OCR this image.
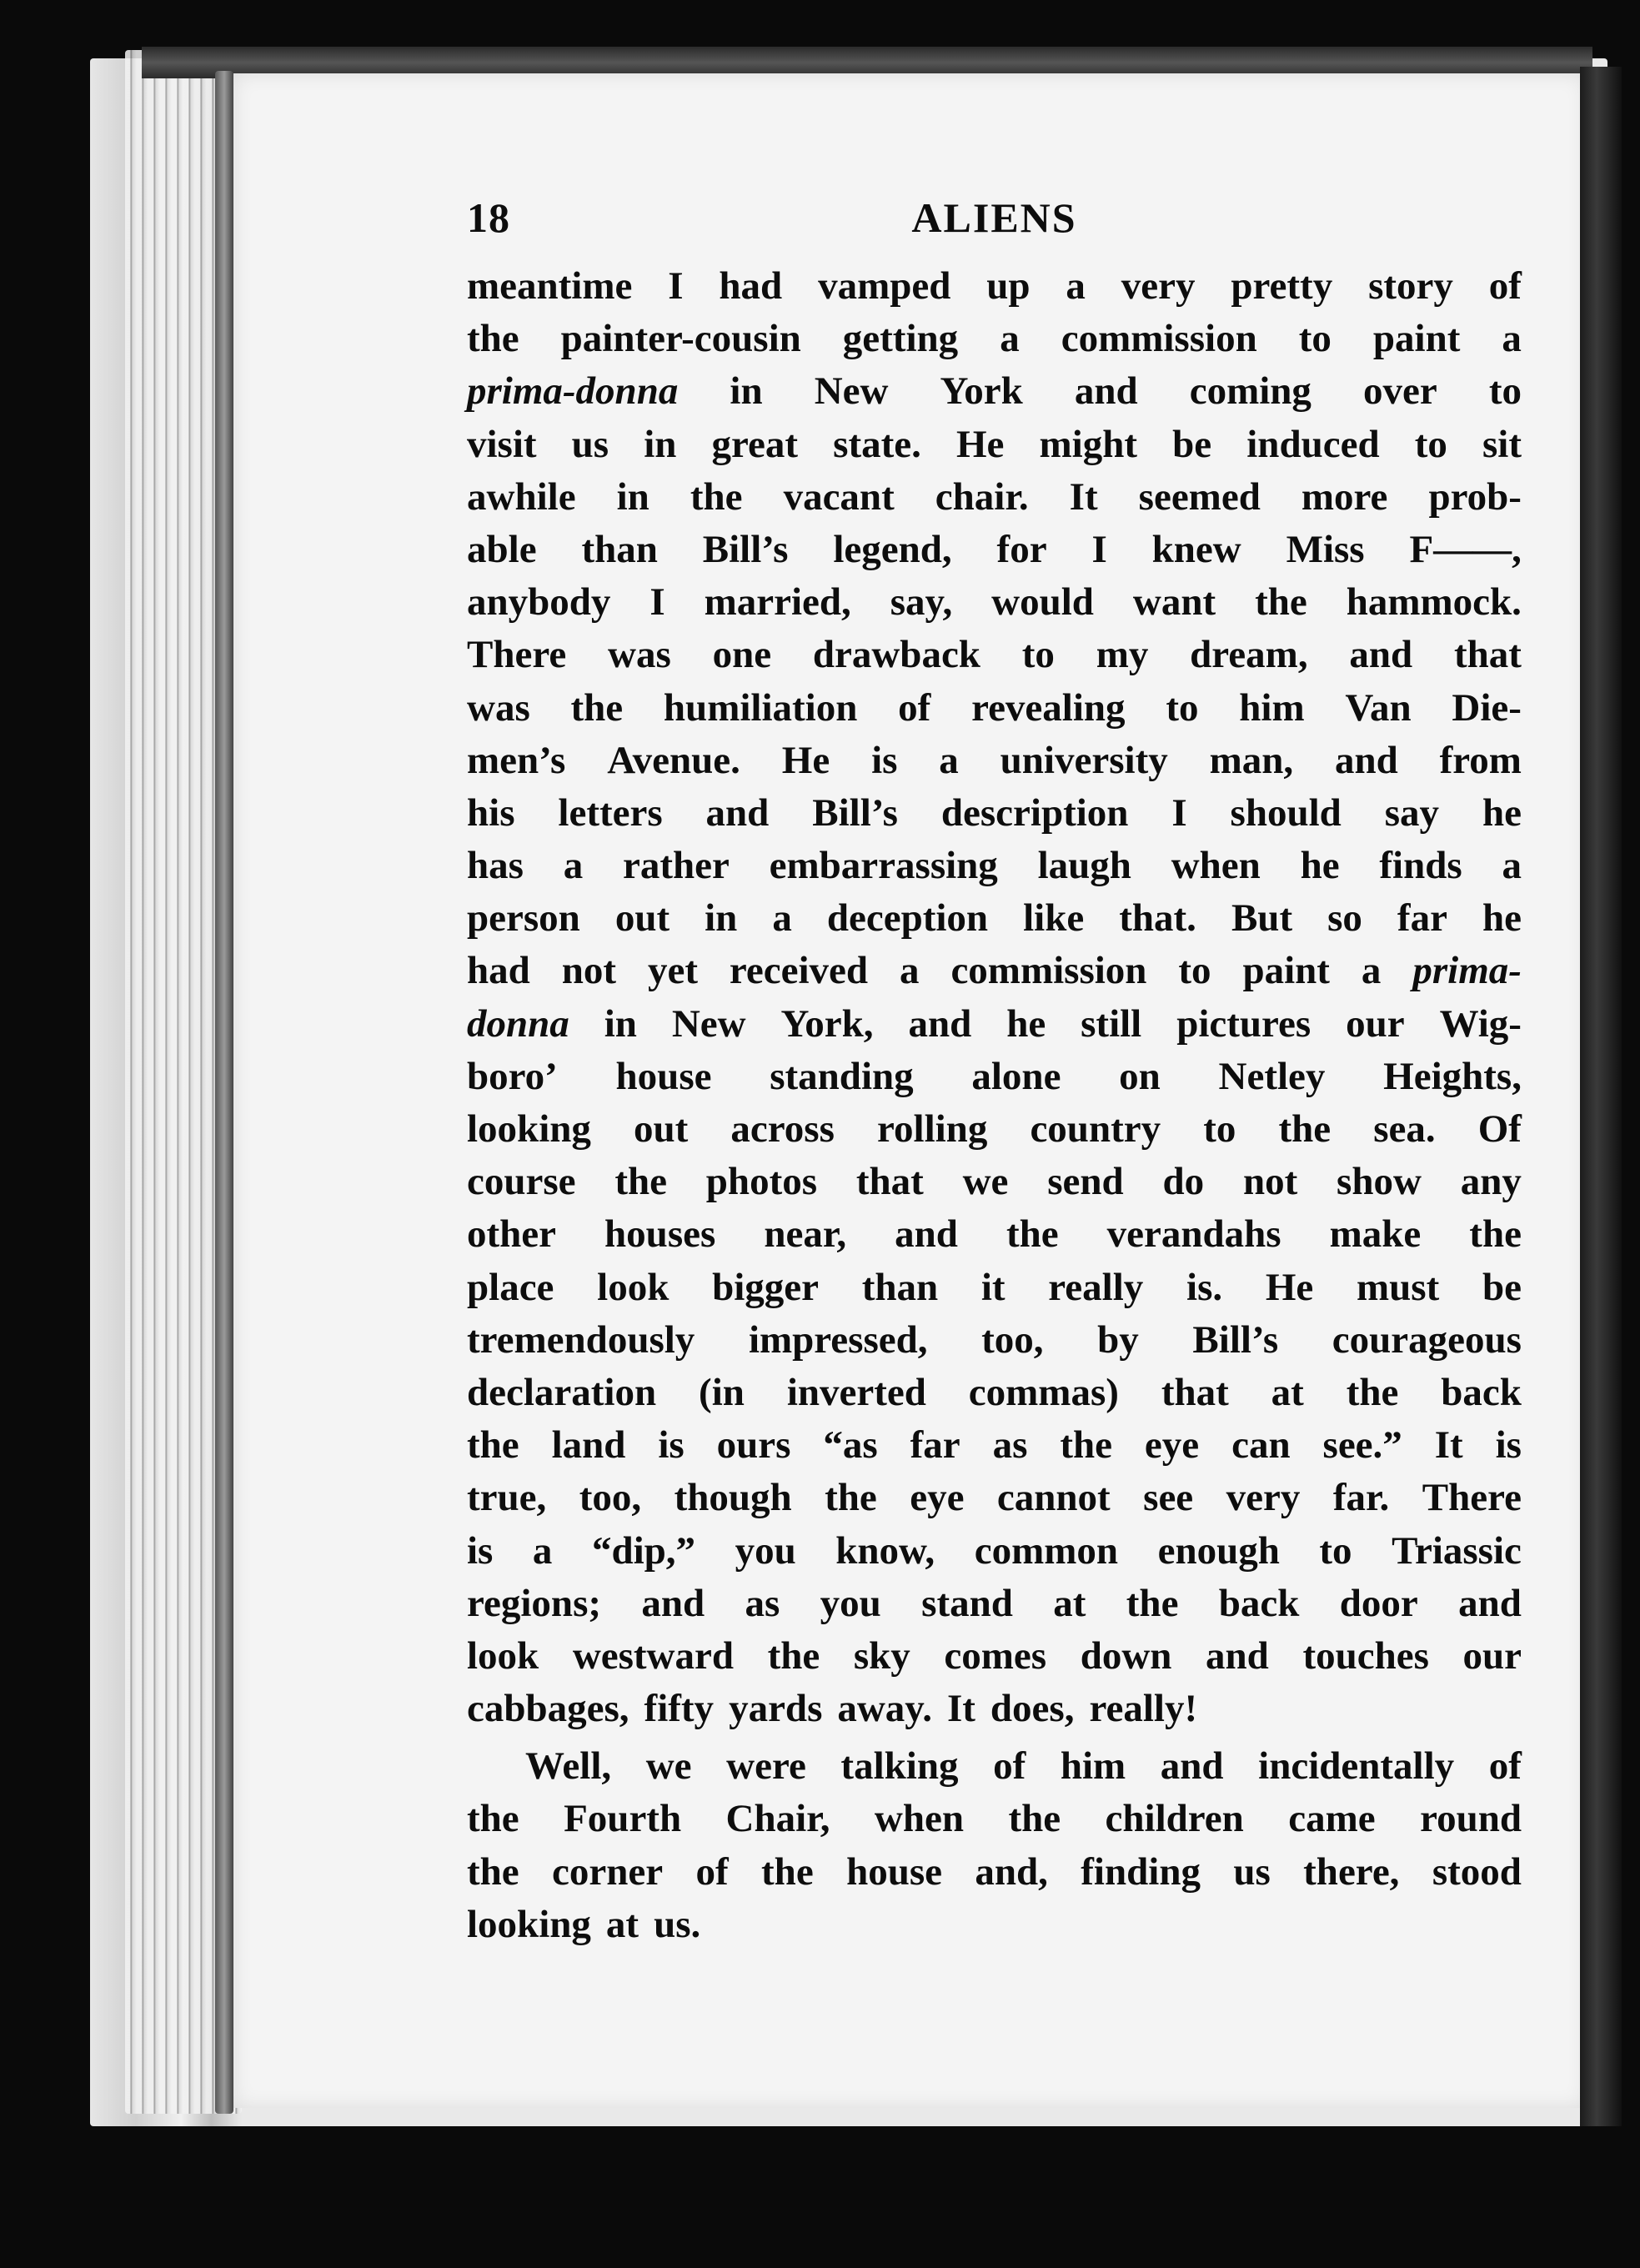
18	ALIENS
meantime I had vamped up a very pretty story of
the painter-cousin getting a commission to paint a
prima-donna in New York and coming over to
visit us in great state. He might be induced to sit
awhile in the vacant chair. It seemed more prob-
able than Bill’s legend, for I knew Miss F——,
anybody I married, say, would want the hammock.
There was one drawback to my dream, and that
was the humiliation of revealing to him Van Die-
men’s Avenue. He is a university man, and from
his letters and Bill’s description I should say he
has a rather embarrassing laugh when he finds a
person out in a deception like that. But so far he
had not yet received a commission to paint a prima-
donna in New York, and he still pictures our Wig-
boro’ house standing alone on Netley Heights,
looking out across rolling country to the sea. Of
course the photos that we send do not show any
other houses near, and the verandahs make the
place look bigger than it really is. He must be
tremendously impressed, too, by Bill’s courageous
declaration (in inverted commas) that at the back
the land is ours “as far as the eye can see.” It is
true, too, though the eye cannot see very far. There
is a “dip,” you know, common enough to Triassic
regions; and as you stand at the back door and
look westward the sky comes down and touches our
cabbages, fifty yards away. It does, really!
Well, we were talking of him and incidentally of
the Fourth Chair, when the children came round
the corner of the house and, finding us there, stood
looking at us.
